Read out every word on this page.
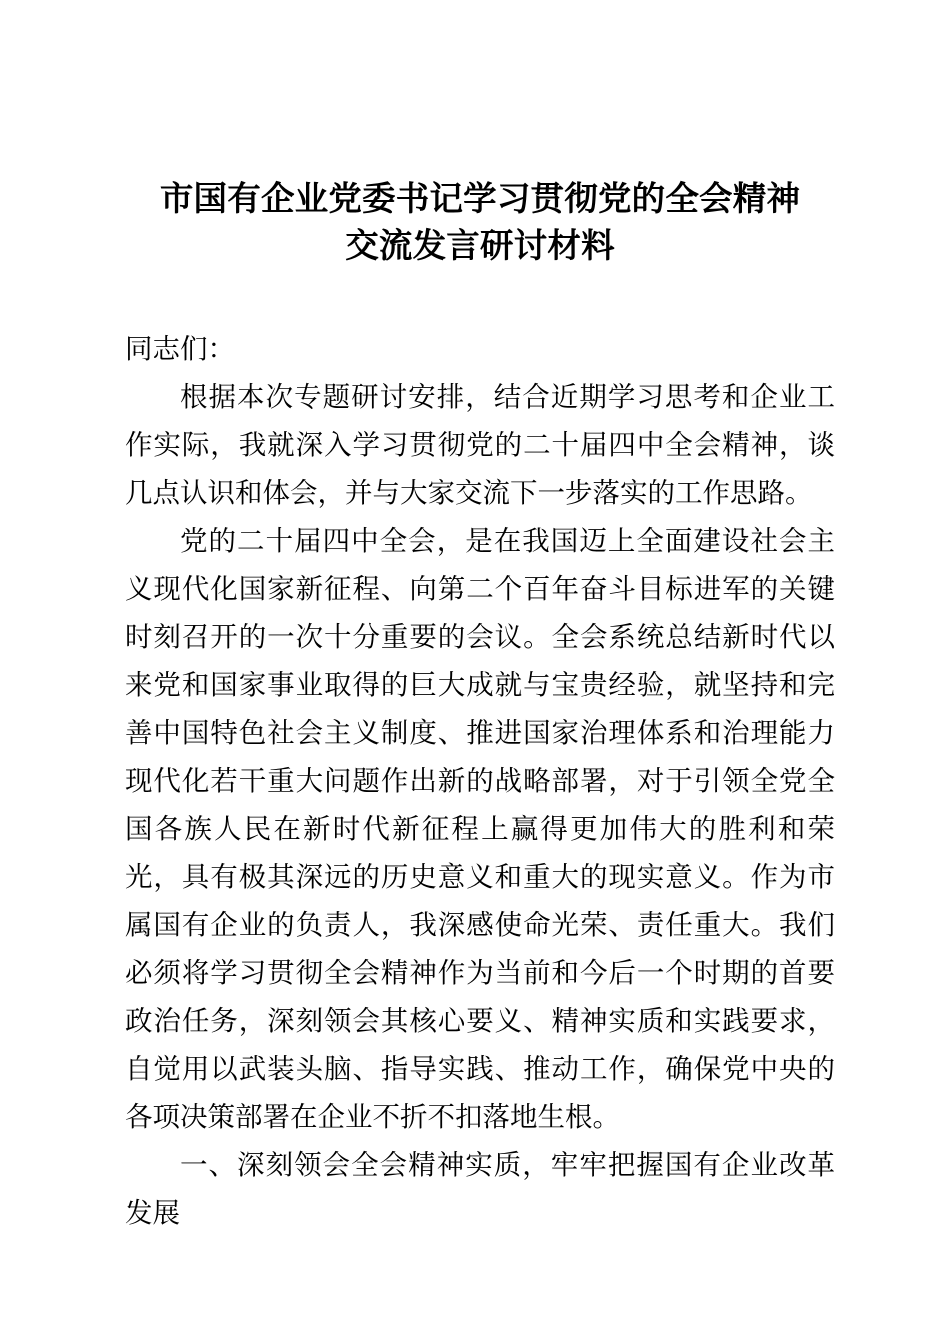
市国有企业党委书记学习贯彻党的全会精神
交流发言研讨材料

同志们：

根据本次专题研讨安排，结合近期学习思考和企业工作实际，我就深入学习贯彻党的二十届四中全会精神，谈几点认识和体会，并与大家交流下一步落实的工作思路。

党的二十届四中全会，是在我国迈上全面建设社会主义现代化国家新征程、向第二个百年奋斗目标进军的关键时刻召开的一次十分重要的会议。全会系统总结新时代以来党和国家事业取得的巨大成就与宝贵经验，就坚持和完善中国特色社会主义制度、推进国家治理体系和治理能力现代化若干重大问题作出新的战略部署，对于引领全党全国各族人民在新时代新征程上赢得更加伟大的胜利和荣光，具有极其深远的历史意义和重大的现实意义。作为市属国有企业的负责人，我深感使命光荣、责任重大。我们必须将学习贯彻全会精神作为当前和今后一个时期的首要政治任务，深刻领会其核心要义、精神实质和实践要求，自觉用以武装头脑、指导实践、推动工作，确保党中央的各项决策部署在企业不折不扣落地生根。

一、深刻领会全会精神实质，牢牢把握国有企业改革发展
